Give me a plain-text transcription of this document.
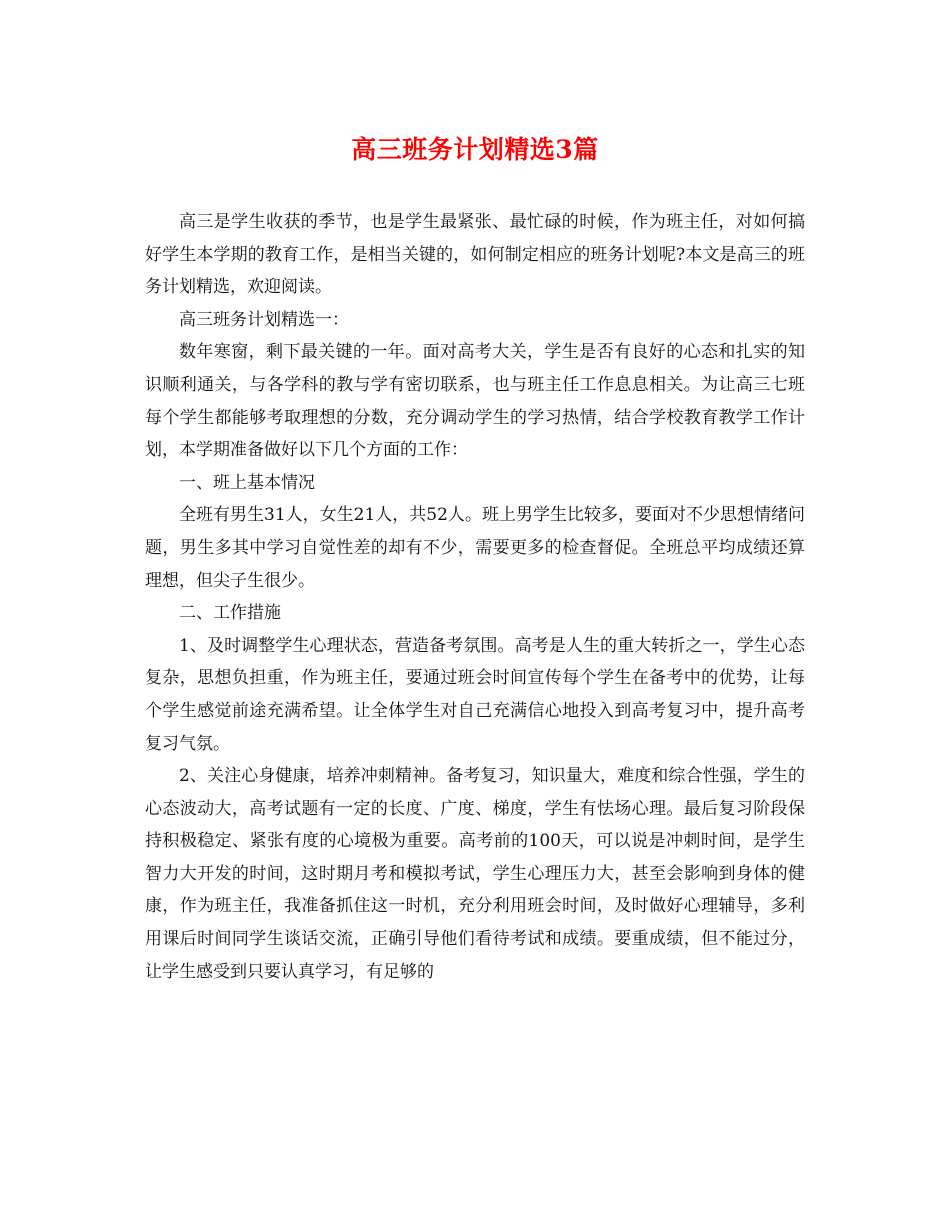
高三班务计划精选3篇

高三是学生收获的季节，也是学生最紧张、最忙碌的时候，作为班主任，对如何搞好学生本学期的教育工作，是相当关键的，如何制定相应的班务计划呢?本文是高三的班务计划精选，欢迎阅读。

高三班务计划精选一：

数年寒窗，剩下最关键的一年。面对高考大关，学生是否有良好的心态和扎实的知识顺利通关，与各学科的教与学有密切联系，也与班主任工作息息相关。为让高三七班每个学生都能够考取理想的分数，充分调动学生的学习热情，结合学校教育教学工作计划，本学期准备做好以下几个方面的工作：

一、班上基本情况

全班有男生31人，女生21人，共52人。班上男学生比较多，要面对不少思想情绪问题，男生多其中学习自觉性差的却有不少，需要更多的检查督促。全班总平均成绩还算理想，但尖子生很少。

二、工作措施

1、及时调整学生心理状态，营造备考氛围。高考是人生的重大转折之一，学生心态复杂，思想负担重，作为班主任，要通过班会时间宣传每个学生在备考中的优势，让每个学生感觉前途充满希望。让全体学生对自己充满信心地投入到高考复习中，提升高考复习气氛。

2、关注心身健康，培养冲刺精神。备考复习，知识量大，难度和综合性强，学生的心态波动大，高考试题有一定的长度、广度、梯度，学生有怯场心理。最后复习阶段保持积极稳定、紧张有度的心境极为重要。高考前的100天，可以说是冲刺时间，是学生智力大开发的时间，这时期月考和模拟考试，学生心理压力大，甚至会影响到身体的健康，作为班主任，我准备抓住这一时机，充分利用班会时间，及时做好心理辅导，多利用课后时间同学生谈话交流，正确引导他们看待考试和成绩。要重成绩，但不能过分，让学生感受到只要认真学习，有足够的
